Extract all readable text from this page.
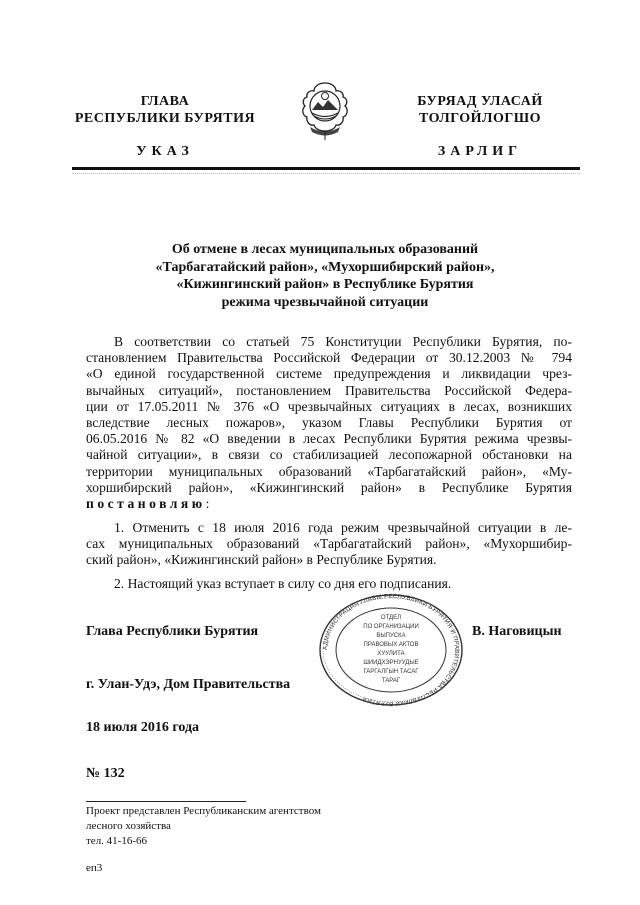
ГЛАВА
РЕСПУБЛИКИ БУРЯТИЯ
УКАЗ
БУРЯАД УЛАСАЙ
ТОЛГОЙЛОГШО
ЗАРЛИГ
Об отмене в лесах муниципальных образований
«Тарбагатайский район», «Мухоршибирский район»,
«Кижингинский район» в Республике Бурятия
режима чрезвычайной ситуации
В соответствии со статьей 75 Конституции Республики Бурятия, по-
становлением Правительства Российской Федерации от 30.12.2003 № 794
«О единой государственной системе предупреждения и ликвидации чрез-
вычайных ситуаций», постановлением Правительства Российской Федера-
ции от 17.05.2011 № 376 «О чрезвычайных ситуациях в лесах, возникших
вследствие лесных пожаров», указом Главы Республики Бурятия от
06.05.2016 № 82 «О введении в лесах Республики Бурятия режима чрезвы-
чайной ситуации», в связи со стабилизацией лесопожарной обстановки на
территории муниципальных образований «Тарбагатайский район», «Му-
хоршибирский район», «Кижингинский район» в Республике Бурятия
постановляю:
1. Отменить с 18 июля 2016 года режим чрезвычайной ситуации в ле-
сах муниципальных образований «Тарбагатайский район», «Мухоршибир-
ский район», «Кижингинский район» в Республике Бурятия.
2. Настоящий указ вступает в силу со дня его подписания.
Глава Республики Бурятия	В. Наговицын
г. Улан-Удэ, Дом Правительства
18 июля 2016 года
№ 132
АДМИНИСТРАЦИЯ ГЛАВЫ РЕСПУБЛИКИ БУРЯТИЯ И ПРАВИТЕЛЬСТВА РЕСПУБЛИКИ БУРЯТИЯ
ОТДЕЛ
ПО ОРГАНИЗАЦИИ
ВЫПУСКА
ПРАВОВЫХ АКТОВ
ХУУЛИТА
ШИИДХЭРНУУДЫЕ
ГАРГАЛГЫН ТАСАГ
ТАРАГ
Проект представлен Республиканским агентством
лесного хозяйства
тел. 41-16-66
еп3
